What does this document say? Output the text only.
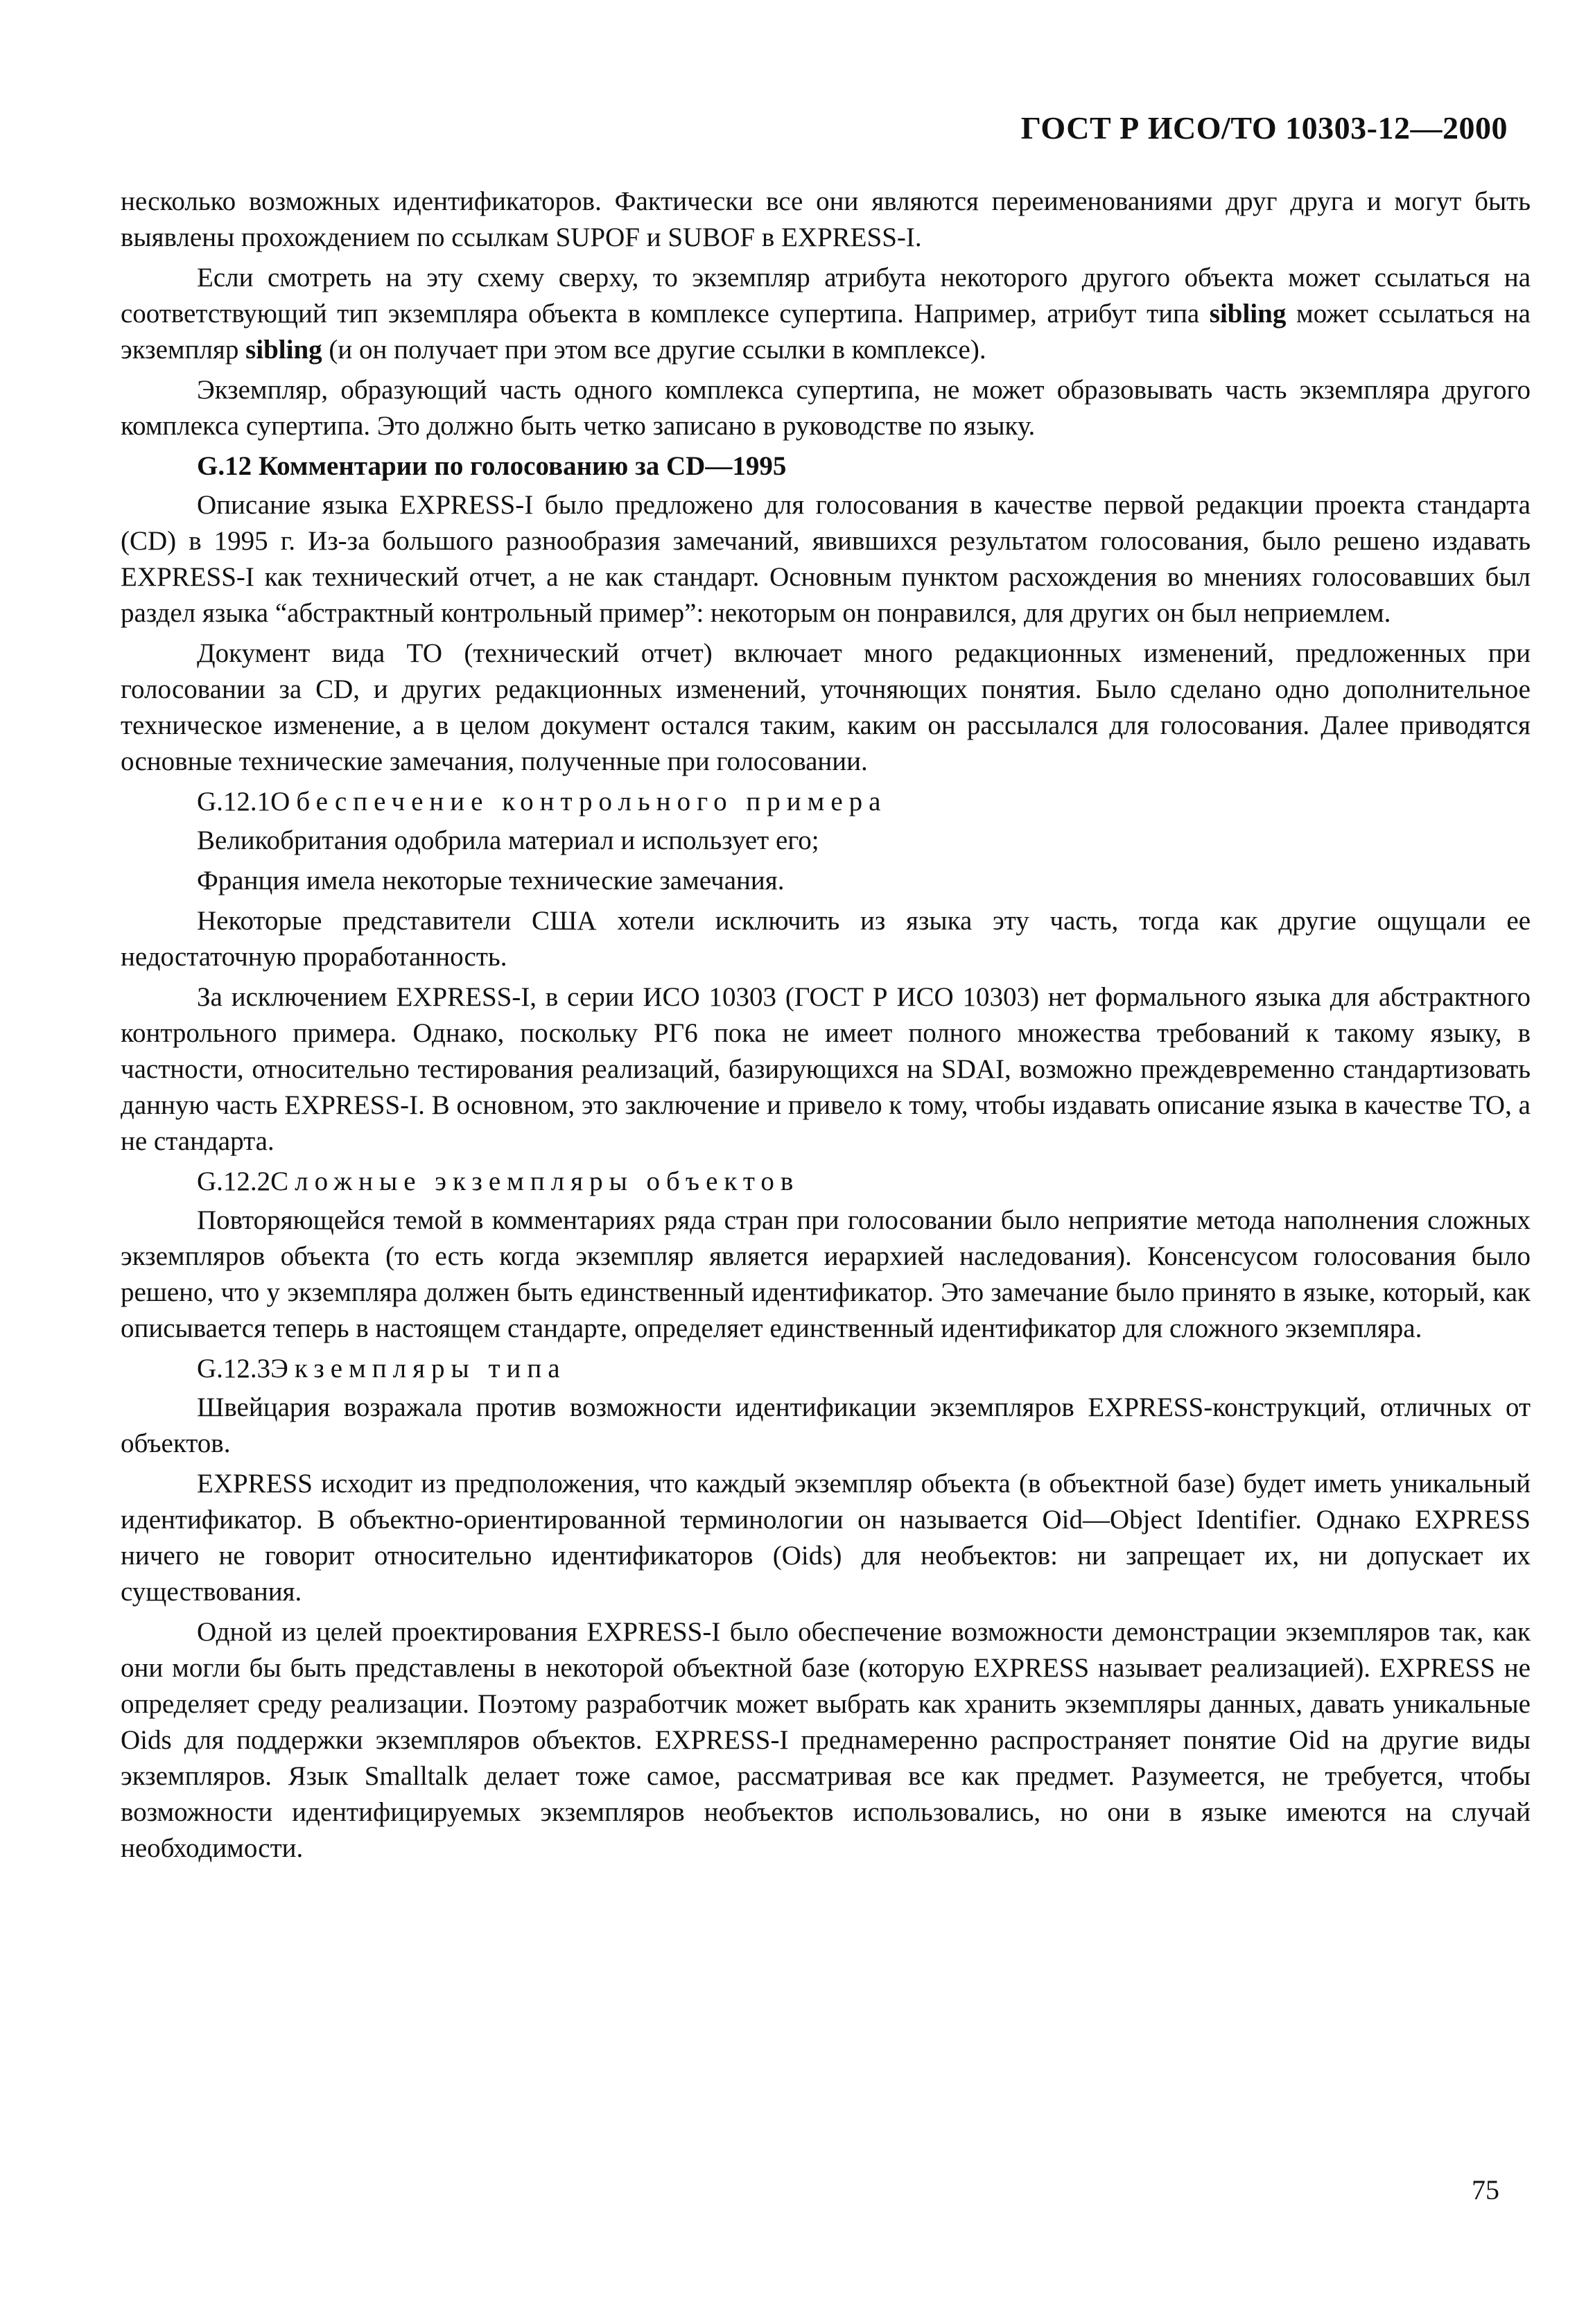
ГОСТ Р ИСО/ТО 10303-12—2000

несколько возможных идентификаторов. Фактически все они являются переименованиями друг друга и могут быть выявлены прохождением по ссылкам SUPOF и SUBOF в EXPRESS-I.

Если смотреть на эту схему сверху, то экземпляр атрибута некоторого другого объекта может ссылаться на соответствующий тип экземпляра объекта в комплексе супертипа. Например, атрибут типа sibling может ссылаться на экземпляр sibling (и он получает при этом все другие ссылки в комплексе).

Экземпляр, образующий часть одного комплекса супертипа, не может образовывать часть экземпляра другого комплекса супертипа. Это должно быть четко записано в руководстве по языку.

G.12 Комментарии по голосованию за CD—1995

Описание языка EXPRESS-I было предложено для голосования в качестве первой редакции проекта стандарта (CD) в 1995 г. Из-за большого разнообразия замечаний, явившихся результатом голосования, было решено издавать EXPRESS-I как технический отчет, а не как стандарт. Основным пунктом расхождения во мнениях голосовавших был раздел языка “абстрактный контрольный пример”: некоторым он понравился, для других он был неприемлем.

Документ вида ТО (технический отчет) включает много редакционных изменений, предложенных при голосовании за CD, и других редакционных изменений, уточняющих понятия. Было сделано одно дополнительное техническое изменение, а в целом документ остался таким, каким он рассылался для голосования. Далее приводятся основные технические замечания, полученные при голосовании.

G.12.1Обеспечение контрольного примера

Великобритания одобрила материал и использует его;

Франция имела некоторые технические замечания.

Некоторые представители США хотели исключить из языка эту часть, тогда как другие ощущали ее недостаточную проработанность.

За исключением EXPRESS-I, в серии ИСО 10303 (ГОСТ Р ИСО 10303) нет формального языка для абстрактного контрольного примера. Однако, поскольку РГ6 пока не имеет полного множества требований к такому языку, в частности, относительно тестирования реализаций, базирующихся на SDAI, возможно преждевременно стандартизовать данную часть EXPRESS-I. В основном, это заключение и привело к тому, чтобы издавать описание языка в качестве ТО, а не стандарта.

G.12.2Сложные экземпляры объектов

Повторяющейся темой в комментариях ряда стран при голосовании было неприятие метода наполнения сложных экземпляров объекта (то есть когда экземпляр является иерархией наследования). Консенсусом голосования было решено, что у экземпляра должен быть единственный идентификатор. Это замечание было принято в языке, который, как описывается теперь в настоящем стандарте, определяет единственный идентификатор для сложного экземпляра.

G.12.3Экземпляры типа

Швейцария возражала против возможности идентификации экземпляров EXPRESS-конструкций, отличных от объектов.

EXPRESS исходит из предположения, что каждый экземпляр объекта (в объектной базе) будет иметь уникальный идентификатор. В объектно-ориентированной терминологии он называется Oid—Object Identifier. Однако EXPRESS ничего не говорит относительно идентификаторов (Oids) для необъектов: ни запрещает их, ни допускает их существования.

Одной из целей проектирования EXPRESS-I было обеспечение возможности демонстрации экземпляров так, как они могли бы быть представлены в некоторой объектной базе (которую EXPRESS называет реализацией). EXPRESS не определяет среду реализации. Поэтому разработчик может выбрать как хранить экземпляры данных, давать уникальные Oids для поддержки экземпляров объектов. EXPRESS-I преднамеренно распространяет понятие Oid на другие виды экземпляров. Язык Smalltalk делает тоже самое, рассматривая все как предмет. Разумеется, не требуется, чтобы возможности идентифицируемых экземпляров необъектов использовались, но они в языке имеются на случай необходимости.

75
